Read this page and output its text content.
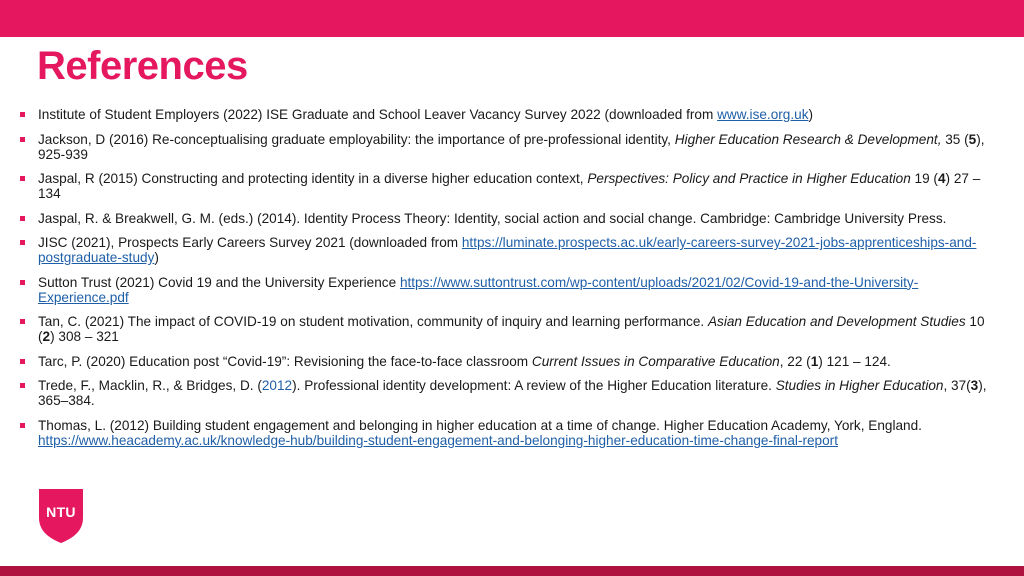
References
Institute of Student Employers (2022) ISE Graduate and School Leaver Vacancy Survey 2022 (downloaded from www.ise.org.uk)
Jackson, D (2016) Re-conceptualising graduate employability: the importance of pre-professional identity, Higher Education Research & Development, 35 (5), 925-939
Jaspal, R (2015) Constructing and protecting identity in a diverse higher education context, Perspectives: Policy and Practice in Higher Education 19 (4) 27 – 134
Jaspal, R. & Breakwell, G. M. (eds.) (2014). Identity Process Theory: Identity, social action and social change. Cambridge: Cambridge University Press.
JISC (2021), Prospects Early Careers Survey 2021 (downloaded from https://luminate.prospects.ac.uk/early-careers-survey-2021-jobs-apprenticeships-and-postgraduate-study)
Sutton Trust (2021) Covid 19 and the University Experience https://www.suttontrust.com/wp-content/uploads/2021/02/Covid-19-and-the-University-Experience.pdf
Tan, C. (2021) The impact of COVID-19 on student motivation, community of inquiry and learning performance. Asian Education and Development Studies 10 (2) 308 – 321
Tarc, P. (2020) Education post “Covid-19”: Revisioning the face-to-face classroom Current Issues in Comparative Education, 22 (1) 121 – 124.
Trede, F., Macklin, R., & Bridges, D. (2012). Professional identity development: A review of the Higher Education literature. Studies in Higher Education, 37(3), 365–384.
Thomas, L. (2012) Building student engagement and belonging in higher education at a time of change. Higher Education Academy, York, England. https://www.heacademy.ac.uk/knowledge-hub/building-student-engagement-and-belonging-higher-education-time-change-final-report
NTU
